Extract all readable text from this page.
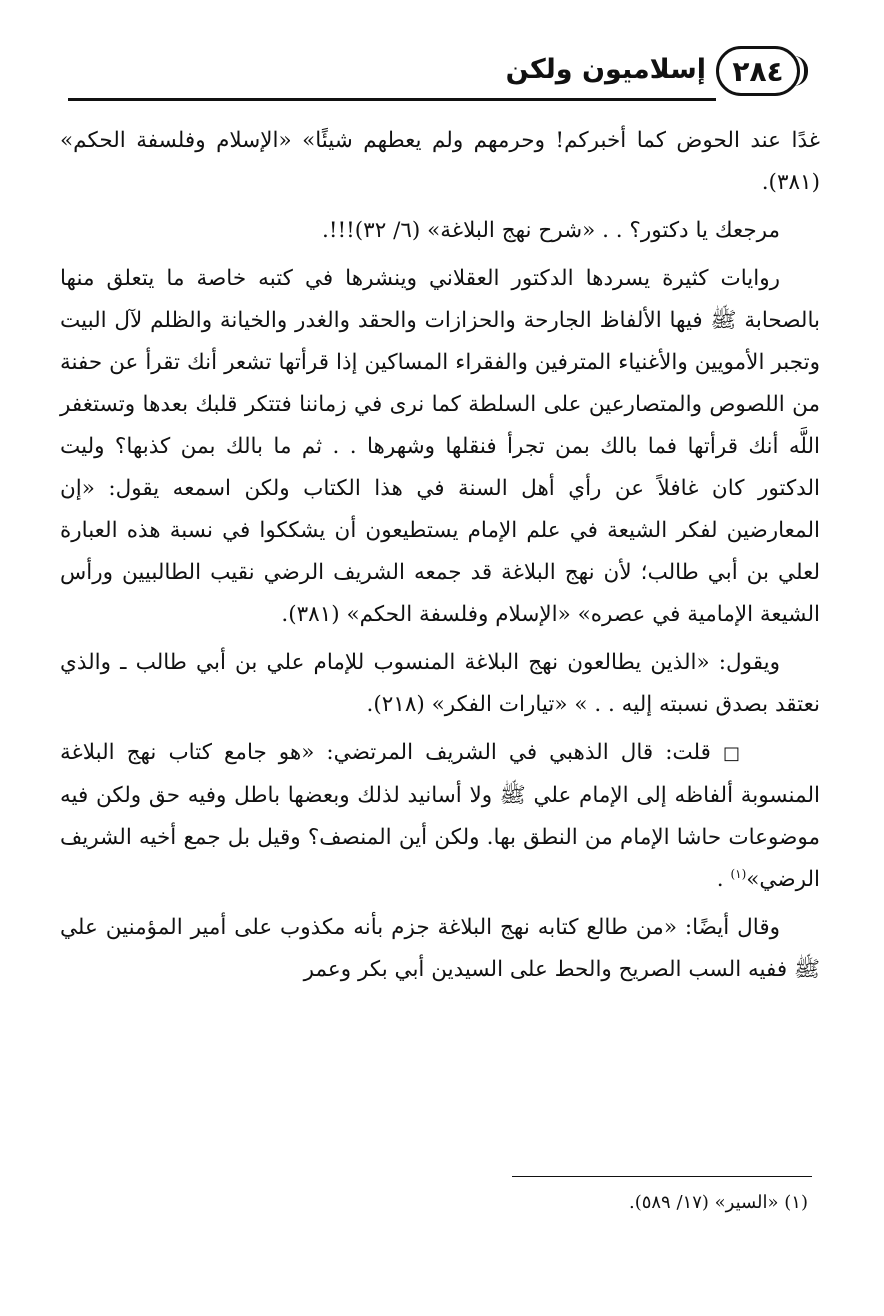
٢٨٤
إسلاميون ولكن

غدًا عند الحوض كما أخبركم! وحرمهم ولم يعطهم شيئًا» «الإسلام وفلسفة الحكم» (٣٨١).

مرجعك يا دكتور؟ . . «شرح نهج البلاغة» (٦/ ٣٢)!!!.

روايات كثيرة يسردها الدكتور العقلاني وينشرها في كتبه خاصة ما يتعلق منها بالصحابة ﷺ فيها الألفاظ الجارحة والحزازات والحقد والغدر والخيانة والظلم لآل البيت وتجبر الأمويين والأغنياء المترفين والفقراء المساكين إذا قرأتها تشعر أنك تقرأ عن حفنة من اللصوص والمتصارعين على السلطة كما نرى في زماننا فتتكر قلبك بعدها وتستغفر اللَّه أنك قرأتها فما بالك بمن تجرأ فنقلها وشهرها . . ثم ما بالك بمن كذبها؟ وليت الدكتور كان غافلاً عن رأي أهل السنة في هذا الكتاب ولكن اسمعه يقول: «إن المعارضين لفكر الشيعة في علم الإمام يستطيعون أن يشككوا في نسبة هذه العبارة لعلي بن أبي طالب؛ لأن نهج البلاغة قد جمعه الشريف الرضي نقيب الطالبيين ورأس الشيعة الإمامية في عصره» «الإسلام وفلسفة الحكم» (٣٨١).

ويقول: «الذين يطالعون نهج البلاغة المنسوب للإمام علي بن أبي طالب ـ والذي نعتقد بصدق نسبته إليه . . » «تيارات الفكر» (٢١٨).

□ قلت: قال الذهبي في الشريف المرتضي: «هو جامع كتاب نهج البلاغة المنسوبة ألفاظه إلى الإمام علي ﷺ ولا أسانيد لذلك وبعضها باطل وفيه حق ولكن فيه موضوعات حاشا الإمام من النطق بها. ولكن أين المنصف؟ وقيل بل جمع أخيه الشريف الرضي»$^{(١)}$ .

وقال أيضًا: «من طالع كتابه نهج البلاغة جزم بأنه مكذوب على أمير المؤمنين علي ﷺ ففيه السب الصريح والحط على السيدين أبي بكر وعمر

(١) «السير» (١٧/ ٥٨٩).
